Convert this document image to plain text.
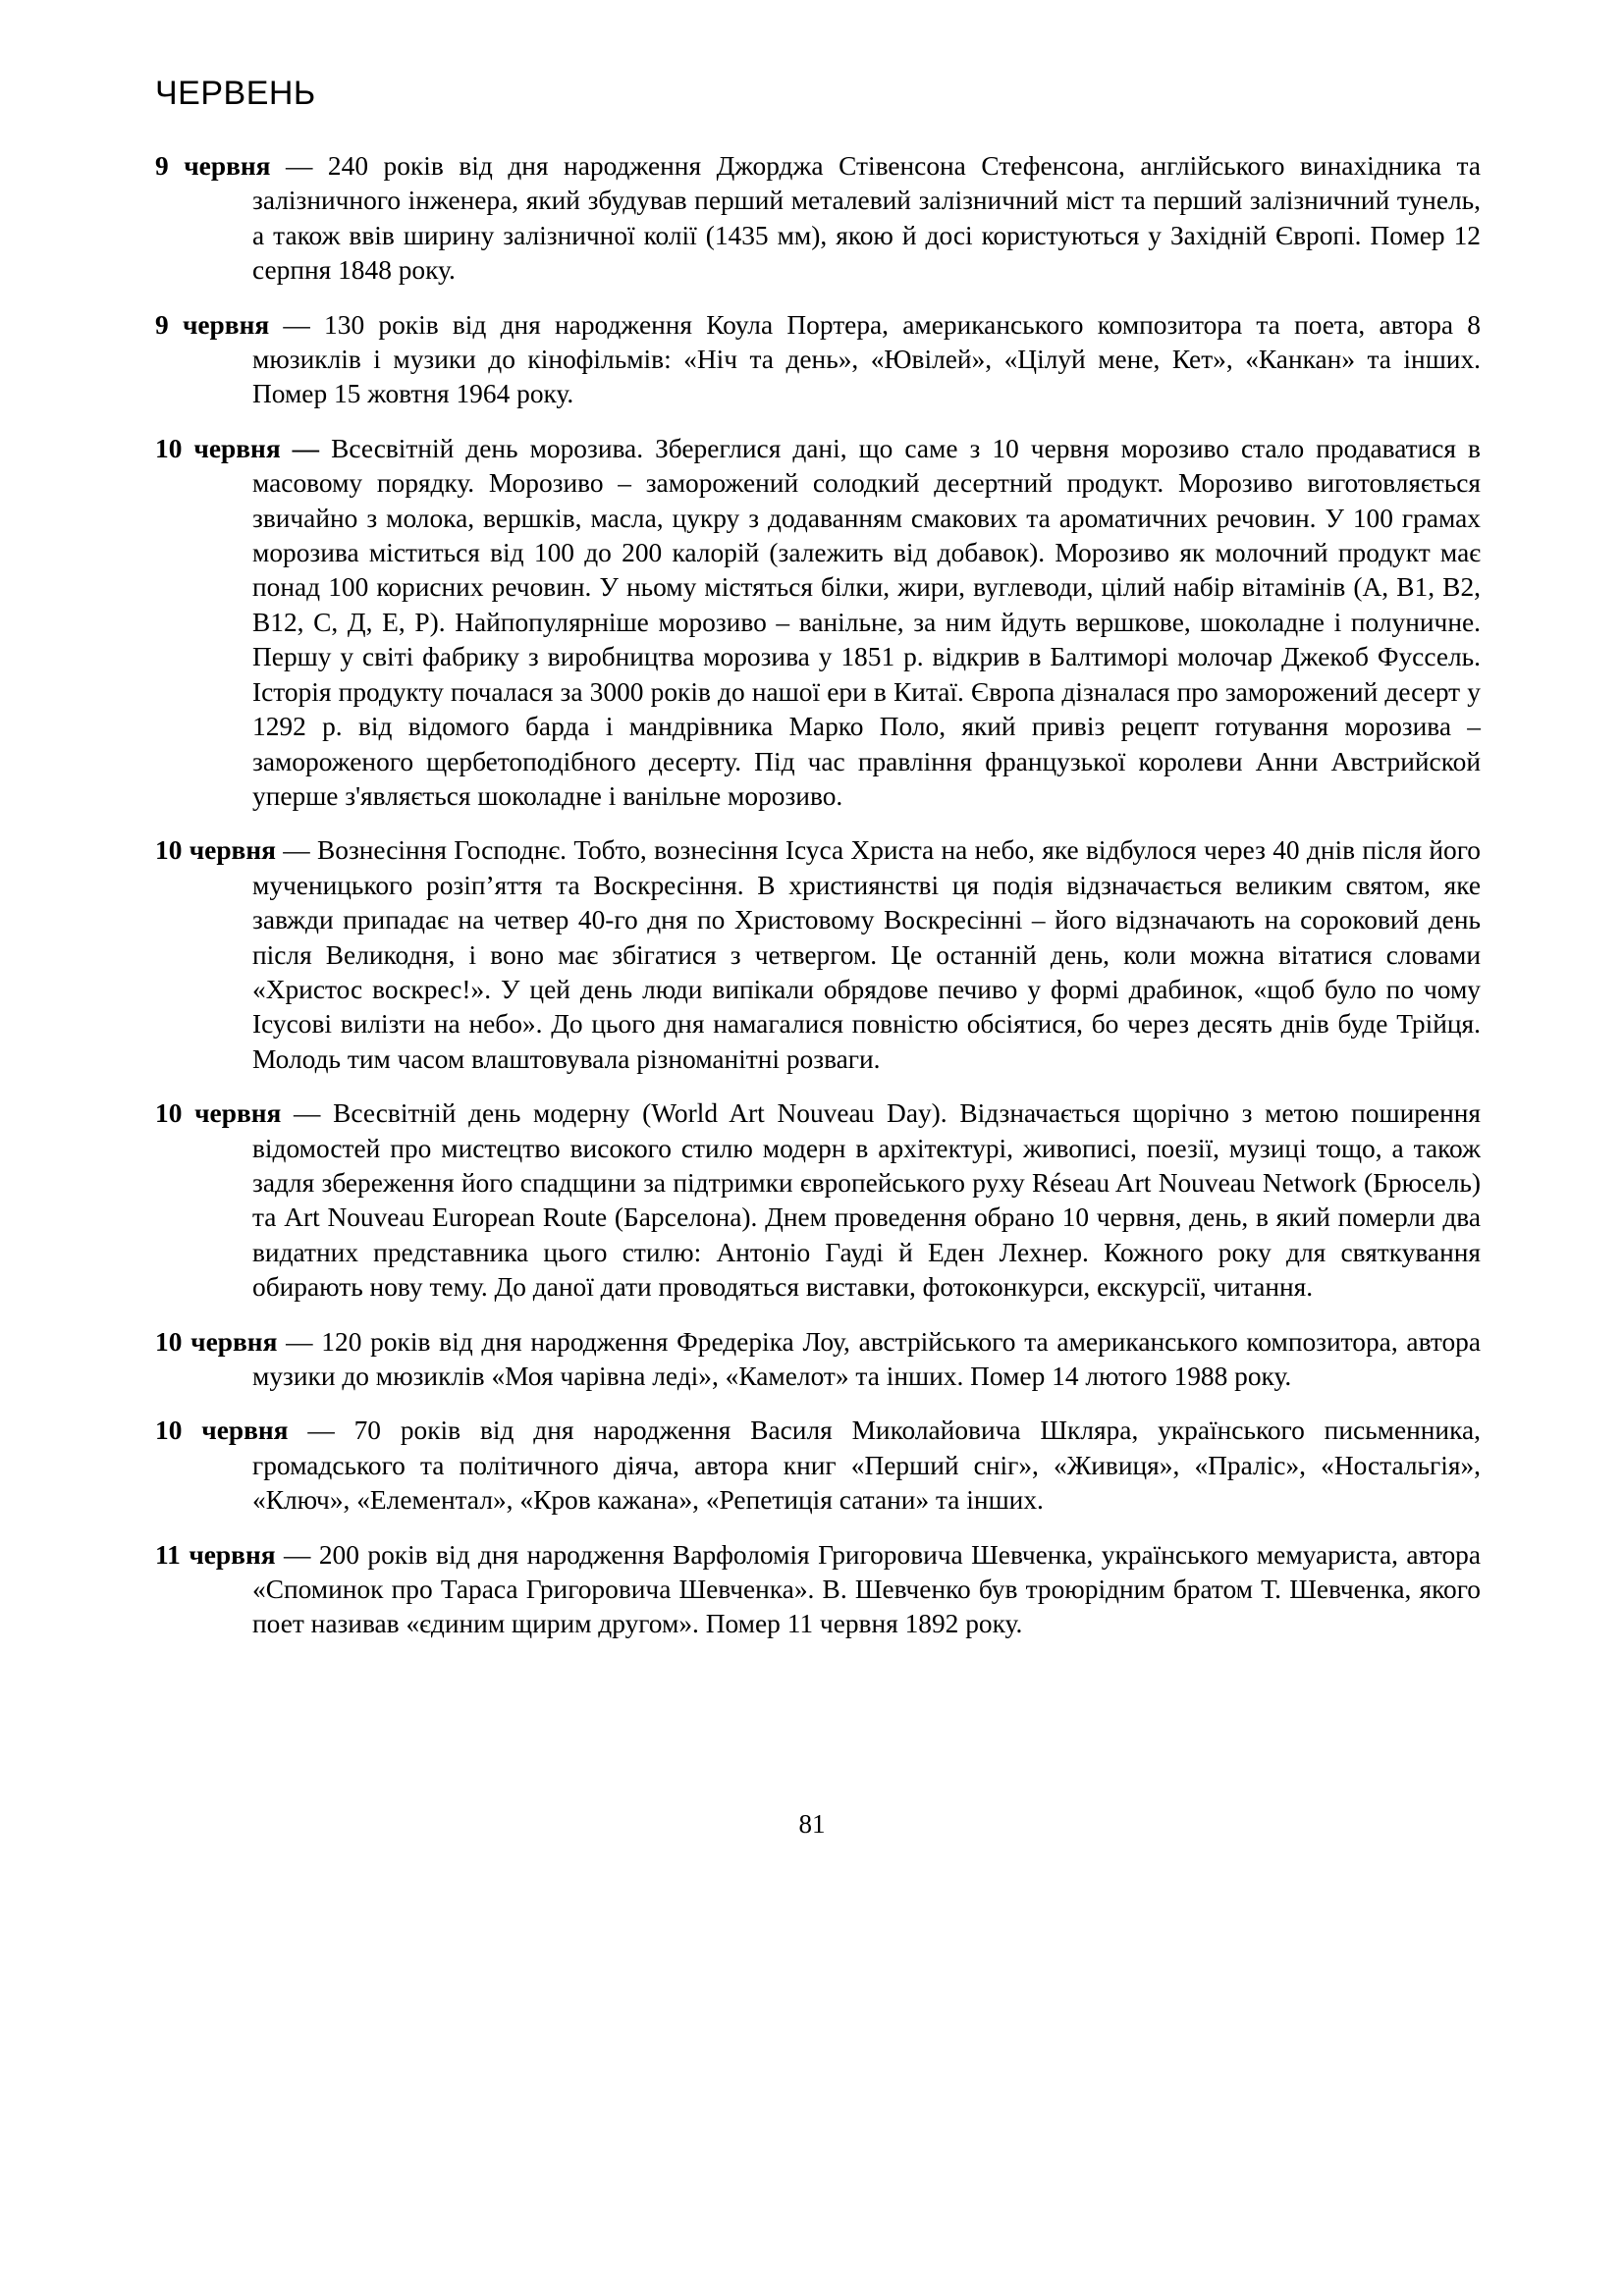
ЧЕРВЕНЬ

9 червня — 240 років від дня народження Джорджа Стівенсона Стефенсона, англійського винахідника та залізничного інженера, який збудував перший металевий залізничний міст та перший залізничний тунель, а також ввів ширину залізничної колії (1435 мм), якою й досі користуються у Західній Європі. Помер 12 серпня 1848 року.

9 червня — 130 років від дня народження Коула Портера, американського композитора та поета, автора 8 мюзиклів і музики до кінофільмів: «Ніч та день», «Ювілей», «Цілуй мене, Кет», «Канкан» та інших. Помер 15 жовтня 1964 року.

10 червня — Всесвітній день морозива. Збереглися дані, що саме з 10 червня морозиво стало продаватися в масовому порядку. Морозиво – заморожений солодкий десертний продукт. Морозиво виготовляється звичайно з молока, вершків, масла, цукру з додаванням смакових та ароматичних речовин. У 100 грамах морозива міститься від 100 до 200 калорій (залежить від добавок). Морозиво як молочний продукт має понад 100 корисних речовин. У ньому містяться білки, жири, вуглеводи, цілий набір вітамінів (А, В1, В2, В12, С, Д, Е, Р). Найпопулярніше морозиво – ванільне, за ним йдуть вершкове, шоколадне і полуничне. Першу у світі фабрику з виробництва морозива у 1851 р. відкрив в Балтиморі молочар Джекоб Фуссель. Історія продукту почалася за 3000 років до нашої ери в Китаї. Європа дізналася про заморожений десерт у 1292 р. від відомого барда і мандрівника Марко Поло, який привіз рецепт готування морозива – замороженого щербетоподібного десерту. Під час правління французької королеви Анни Австрийской уперше з'являється шоколадне і ванільне морозиво.

10 червня — Вознесіння Господнє. Тобто, вознесіння Ісуса Христа на небо, яке відбулося через 40 днів після його мученицького розіп’яття та Воскресіння. В християнстві ця подія відзначається великим святом, яке завжди припадає на четвер 40-го дня по Христовому Воскресінні – його відзначають на сороковий день після Великодня, і воно має збігатися з четвергом. Це останній день, коли можна вітатися словами «Христос воскрес!». У цей день люди випікали обрядове печиво у формі драбинок, «щоб було по чому Ісусові вилізти на небо». До цього дня намагалися повністю обсіятися, бо через десять днів буде Трійця. Молодь тим часом влаштовувала різноманітні розваги.

10 червня — Всесвітній день модерну (World Art Nouveau Day). Відзначається щорічно з метою поширення відомостей про мистецтво високого стилю модерн в архітектурі, живописі, поезії, музиці тощо, а також задля збереження його спадщини за підтримки європейського руху Réseau Art Nouveau Network (Брюсель) та Art Nouveau European Route (Барселона). Днем проведення обрано 10 червня, день, в який померли два видатних представника цього стилю: Антоніо Гауді й Еден Лехнер. Кожного року для святкування обирають нову тему. До даної дати проводяться виставки, фотоконкурси, екскурсії, читання.

10 червня — 120 років від дня народження Фредеріка Лоу, австрійського та американського композитора, автора музики до мюзиклів «Моя чарівна леді», «Камелот» та інших. Помер 14 лютого 1988 року.

10 червня — 70 років від дня народження Василя Миколайовича Шкляра, українського письменника, громадського та політичного діяча, автора книг «Перший сніг», «Живиця», «Праліс», «Ностальгія», «Ключ», «Елементал», «Кров кажана», «Репетиція сатани» та інших.

11 червня — 200 років від дня народження Варфоломія Григоровича Шевченка, українського мемуариста, автора «Споминок про Тараса Григоровича Шевченка». В. Шевченко був троюрідним братом Т. Шевченка, якого поет називав «єдиним щирим другом». Помер 11 червня 1892 року.

81
